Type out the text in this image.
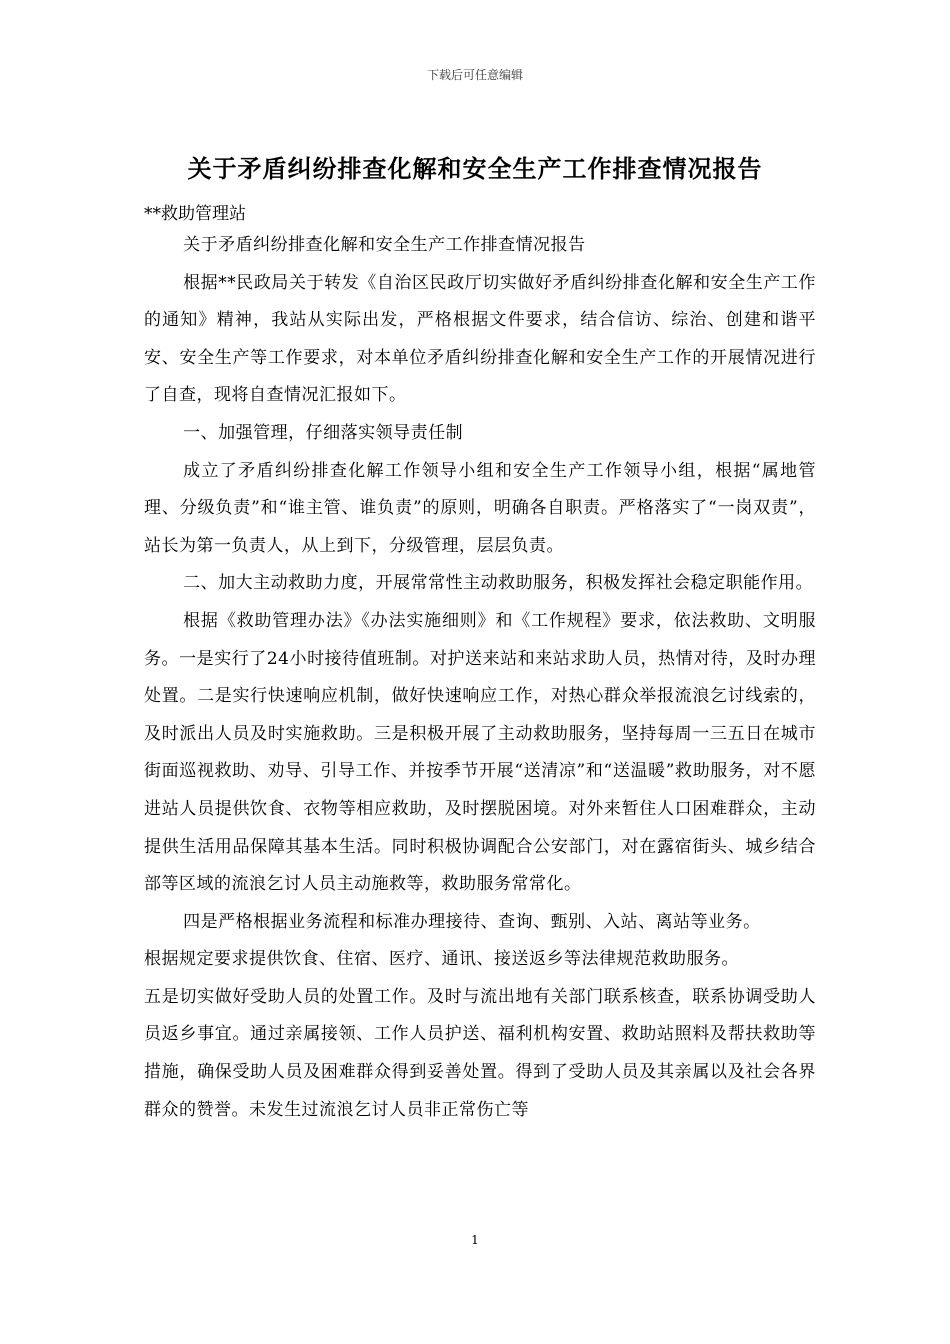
下载后可任意编辑
关于矛盾纠纷排查化解和安全生产工作排查情况报告
**救助管理站

关于矛盾纠纷排查化解和安全生产工作排查情况报告

根据**民政局关于转发《自治区民政厅切实做好矛盾纠纷排查化解和安全生产工作的通知》精神，我站从实际出发，严格根据文件要求，结合信访、综治、创建和谐平安、安全生产等工作要求，对本单位矛盾纠纷排查化解和安全生产工作的开展情况进行了自查，现将自查情况汇报如下。

一、加强管理，仔细落实领导责任制

成立了矛盾纠纷排查化解工作领导小组和安全生产工作领导小组，根据“属地管理、分级负责”和“谁主管、谁负责”的原则，明确各自职责。严格落实了“一岗双责”，站长为第一负责人，从上到下，分级管理，层层负责。

二、加大主动救助力度，开展常常性主动救助服务，积极发挥社会稳定职能作用。

根据《救助管理办法》《办法实施细则》和《工作规程》要求，依法救助、文明服务。一是实行了24小时接待值班制。对护送来站和来站求助人员，热情对待，及时办理处置。二是实行快速响应机制，做好快速响应工作，对热心群众举报流浪乞讨线索的，及时派出人员及时实施救助。三是积极开展了主动救助服务，坚持每周一三五日在城市街面巡视救助、劝导、引导工作、并按季节开展“送清凉”和“送温暖”救助服务，对不愿进站人员提供饮食、衣物等相应救助，及时摆脱困境。对外来暂住人口困难群众，主动提供生活用品保障其基本生活。同时积极协调配合公安部门，对在露宿街头、城乡结合部等区域的流浪乞讨人员主动施救等，救助服务常常化。

四是严格根据业务流程和标准办理接待、查询、甄别、入站、离站等业务。

根据规定要求提供饮食、住宿、医疗、通讯、接送返乡等法律规范救助服务。

五是切实做好受助人员的处置工作。及时与流出地有关部门联系核查，联系协调受助人员返乡事宜。通过亲属接领、工作人员护送、福利机构安置、救助站照料及帮扶救助等措施，确保受助人员及困难群众得到妥善处置。得到了受助人员及其亲属以及社会各界群众的赞誉。未发生过流浪乞讨人员非正常伤亡等

1
